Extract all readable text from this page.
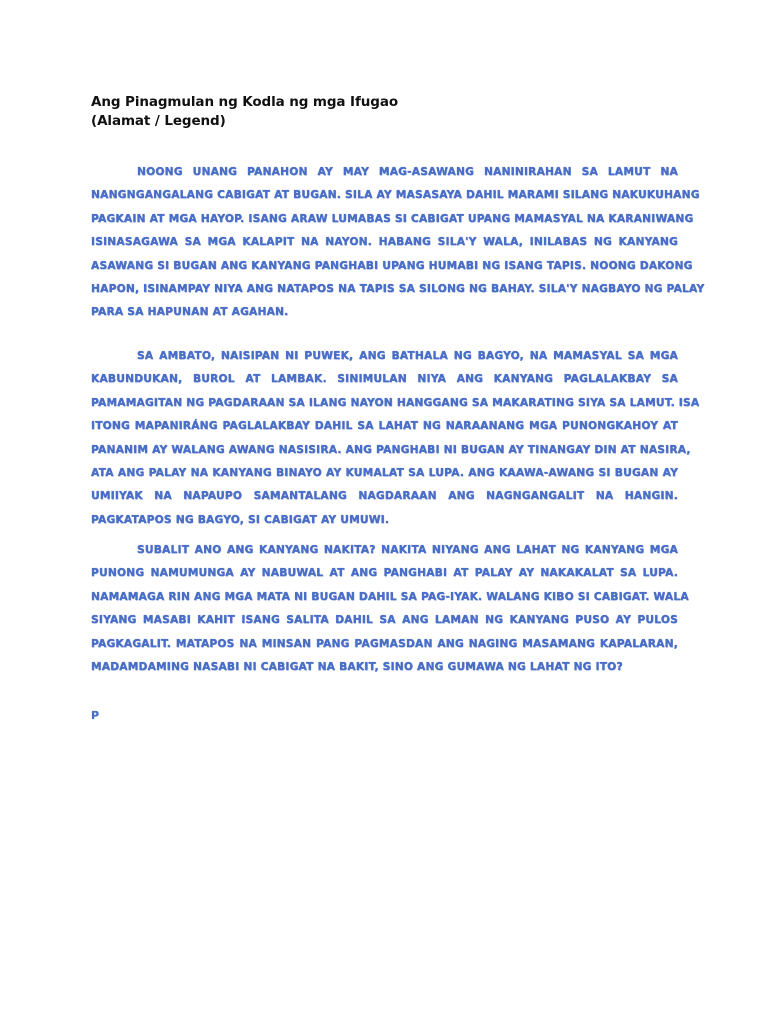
Ang Pinagmulan ng Kodla ng mga Ifugao
(Alamat / Legend)
NOONG UNANG PANAHON AY MAY MAG-ASAWANG NANINIRAHAN SA LAMUT NA
NANGNGANGALANG CABIGAT AT BUGAN. SILA AY MASASAYA DAHIL MARAMI SILANG NAKUKUHANG
PAGKAIN AT MGA HAYOP. ISANG ARAW LUMABAS SI CABIGAT UPANG MAMASYAL NA KARANIWANG
ISINASAGAWA SA MGA KALAPIT NA NAYON. HABANG SILA'Y WALA, INILABAS NG KANYANG
ASAWANG SI BUGAN ANG KANYANG PANGHABI UPANG HUMABI NG ISANG TAPIS. NOONG DAKONG
HAPON, ISINAMPAY NIYA ANG NATAPOS NA TAPIS SA SILONG NG BAHAY. SILA'Y NAGBAYO NG PALAY
PARA SA HAPUNAN AT AGAHAN.
SA AMBATO, NAISIPAN NI PUWEK, ANG BATHALA NG BAGYO, NA MAMASYAL SA MGA
KABUNDUKAN, BUROL AT LAMBAK. SINIMULAN NIYA ANG KANYANG PAGLALAKBAY SA
PAMAMAGITAN NG PAGDARAAN SA ILANG NAYON HANGGANG SA MAKARATING SIYA SA LAMUT. ISA
ITONG MAPANIRÁNG PAGLALAKBAY DAHIL SA LAHAT NG NARAANANG MGA PUNONGKAHOY AT
PANANIM AY WALANG AWANG NASISIRA. ANG PANGHABI NI BUGAN AY TINANGAY DIN AT NASIRA,
ATA ANG PALAY NA KANYANG BINAYO AY KUMALAT SA LUPA. ANG KAAWA-AWANG SI BUGAN AY
UMIIYAK NA NAPAUPO SAMANTALANG NAGDARAAN ANG NAGNGANGALIT NA HANGIN.
PAGKATAPOS NG BAGYO, SI CABIGAT AY UMUWI.
SUBALIT ANO ANG KANYANG NAKITA? NAKITA NIYANG ANG LAHAT NG KANYANG MGA
PUNONG NAMUMUNGA AY NABUWAL AT ANG PANGHABI AT PALAY AY NAKAKALAT SA LUPA.
NAMAMAGA RIN ANG MGA MATA NI BUGAN DAHIL SA PAG-IYAK. WALANG KIBO SI CABIGAT. WALA
SIYANG MASABI KAHIT ISANG SALITA DAHIL SA ANG LAMAN NG KANYANG PUSO AY PULOS
PAGKAGALIT. MATAPOS NA MINSAN PANG PAGMASDAN ANG NAGING MASAMANG KAPALARAN,
MADAMDAMING NASABI NI CABIGAT NA BAKIT, SINO ANG GUMAWA NG LAHAT NG ITO?
P
